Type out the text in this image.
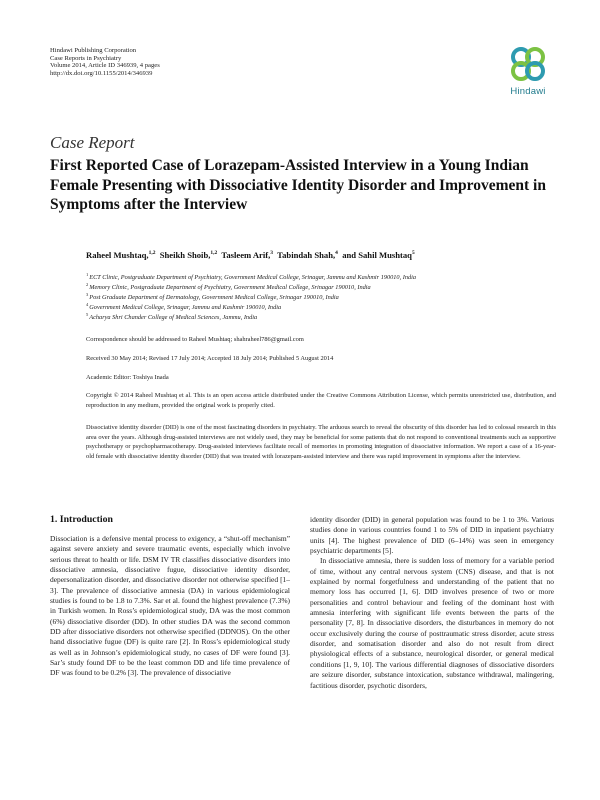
Hindawi Publishing Corporation
Case Reports in Psychiatry
Volume 2014, Article ID 346939, 4 pages
http://dx.doi.org/10.1155/2014/346939
Hindawi
Case Report
First Reported Case of Lorazepam-Assisted Interview in a Young Indian Female Presenting with Dissociative Identity Disorder and Improvement in Symptoms after the Interview
Raheel Mushtaq,$^{1,2}$ Sheikh Shoib,$^{1,2}$ Tasleem Arif,$^3$ Tabindah Shah,$^4$ and Sahil Mushtaq$^5$
$^1$ECT Clinic, Postgraduate Department of Psychiatry, Government Medical College, Srinagar, Jammu and Kashmir 190010, India
$^2$Memory Clinic, Postgraduate Department of Psychiatry, Government Medical College, Srinagar 190010, India
$^3$Post Graduate Department of Dermatology, Government Medical College, Srinagar 190010, India
$^4$Government Medical College, Srinagar, Jammu and Kashmir 190010, India
$^5$Acharya Shri Chander College of Medical Sciences, Jammu, India
Correspondence should be addressed to Raheel Mushtaq; shahraheel786@gmail.com
Received 30 May 2014; Revised 17 July 2014; Accepted 18 July 2014; Published 5 August 2014
Academic Editor: Toshiya Inada
Copyright © 2014 Raheel Mushtaq et al. This is an open access article distributed under the Creative Commons Attribution License, which permits unrestricted use, distribution, and reproduction in any medium, provided the original work is properly cited.
Dissociative identity disorder (DID) is one of the most fascinating disorders in psychiatry. The arduous search to reveal the obscurity of this disorder has led to colossal research in this area over the years. Although drug-assisted interviews are not widely used, they may be beneficial for some patients that do not respond to conventional treatments such as supportive psychotherapy or psychopharmacotherapy. Drug-assisted interviews facilitate recall of memories in promoting integration of dissociative information. We report a case of a 16-year-old female with dissociative identity disorder (DID) that was treated with lorazepam-assisted interview and there was rapid improvement in symptoms after the interview.
1. Introduction

Dissociation is a defensive mental process to exigency, a “shut-off mechanism” against severe anxiety and severe traumatic events, especially which involve serious threat to health or life. DSM IV TR classifies dissociative disorders into dissociative amnesia, dissociative fugue, dissociative identity disorder, depersonalization disorder, and dissociative disorder not otherwise specified [1–3]. The prevalence of dissociative amnesia (DA) in various epidemiological studies is found to be 1.8 to 7.3%. Sar et al. found the highest prevalence (7.3%) in Turkish women. In Ross’s epidemiological study, DA was the most common (6%) dissociative disorder (DD). In other studies DA was the second common DD after dissociative disorders not otherwise specified (DDNOS). On the other hand dissociative fugue (DF) is quite rare [2]. In Ross’s epidemiological study as well as in Johnson’s epidemiological study, no cases of DF were found [3]. Sar’s study found DF to be the least common DD and life time prevalence of DF was found to be 0.2% [3]. The prevalence of dissociative

identity disorder (DID) in general population was found to be 1 to 3%. Various studies done in various countries found 1 to 5% of DID in inpatient psychiatry units [4]. The highest prevalence of DID (6–14%) was seen in emergency psychiatric departments [5].

In dissociative amnesia, there is sudden loss of memory for a variable period of time, without any central nervous system (CNS) disease, and that is not explained by normal forgetfulness and understanding of the patient that no memory loss has occurred [1, 6]. DID involves presence of two or more personalities and control behaviour and feeling of the dominant host with amnesia interfering with significant life events between the parts of the personality [7, 8]. In dissociative disorders, the disturbances in memory do not occur exclusively during the course of posttraumatic stress disorder, acute stress disorder, and somatisation disorder and also do not result from direct physiological effects of a substance, neurological disorder, or general medical conditions [1, 9, 10]. The various differential diagnoses of dissociative disorders are seizure disorder, substance intoxication, substance withdrawal, malingering, factitious disorder, psychotic disorders,
